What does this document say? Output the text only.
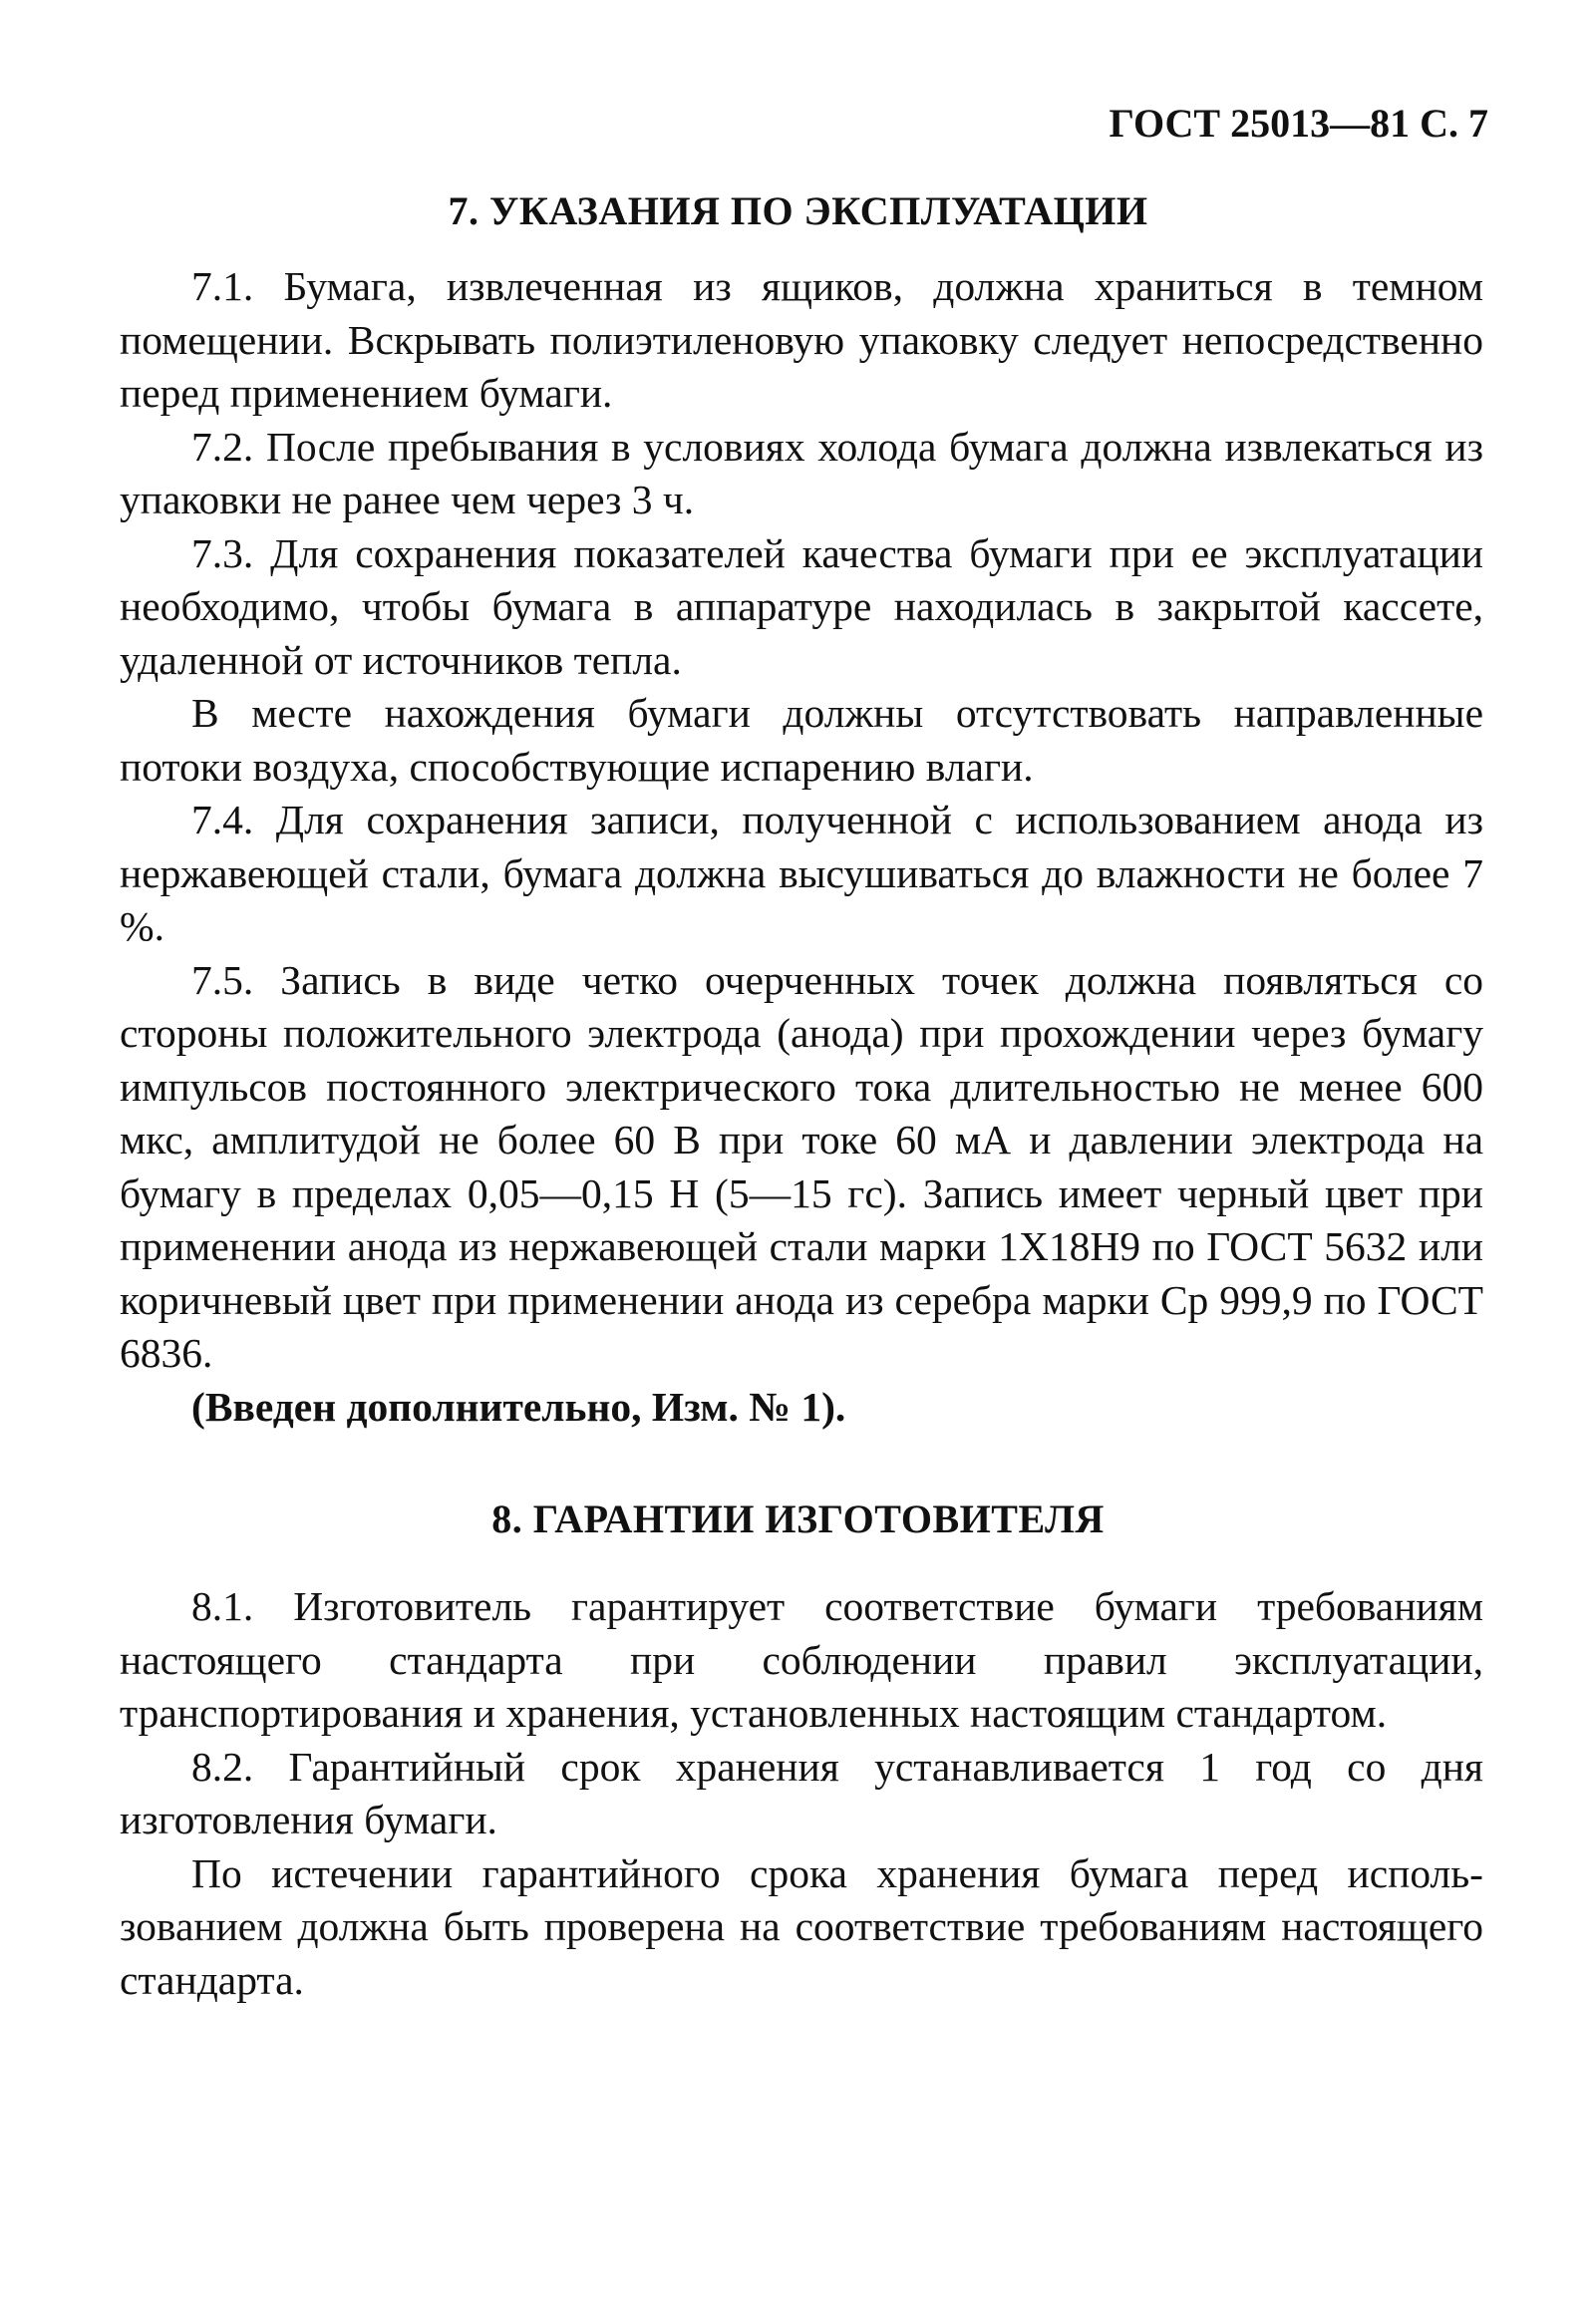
ГОСТ 25013—81 С. 7
7. УКАЗАНИЯ ПО ЭКСПЛУАТАЦИИ

7.1. Бумага, извлеченная из ящиков, должна храниться в темном помещении. Вскрывать полиэтиленовую упаковку следует непосредственно перед применением бумаги.

7.2. После пребывания в условиях холода бумага должна извлекаться из упаковки не ранее чем через 3 ч.

7.3. Для сохранения показателей качества бумаги при ее эксплуатации необходимо, чтобы бумага в аппаратуре находилась в закрытой кассете, удаленной от источников тепла.

В месте нахождения бумаги должны отсутствовать направленные потоки воздуха, способствующие испарению влаги.

7.4. Для сохранения записи, полученной с использованием анода из нержавеющей стали, бумага должна высушиваться до влажности не более 7 %.

7.5. Запись в виде четко очерченных точек должна появляться со стороны положительного электрода (анода) при прохождении через бумагу импульсов постоянного электрического тока длительностью не менее 600 мкс, амплитудой не более 60 В при токе 60 мА и давлении электрода на бумагу в пределах 0,05—0,15 Н (5—15 гс). Запись имеет черный цвет при применении анода из нержавеющей стали марки 1Х18Н9 по ГОСТ 5632 или коричневый цвет при применении анода из серебра марки Ср 999,9 по ГОСТ 6836.

(Введен дополнительно, Изм. № 1).

8. ГАРАНТИИ ИЗГОТОВИТЕЛЯ

8.1. Изготовитель гарантирует соответствие бумаги требованиям настоящего стандарта при соблюдении правил эксплуатации, транспортирования и хранения, установленных настоящим стандартом.

8.2. Гарантийный срок хранения устанавливается 1 год со дня изготовления бумаги.

По истечении гарантийного срока хранения бумага перед использованием должна быть проверена на соответствие требованиям настоящего стандарта.
